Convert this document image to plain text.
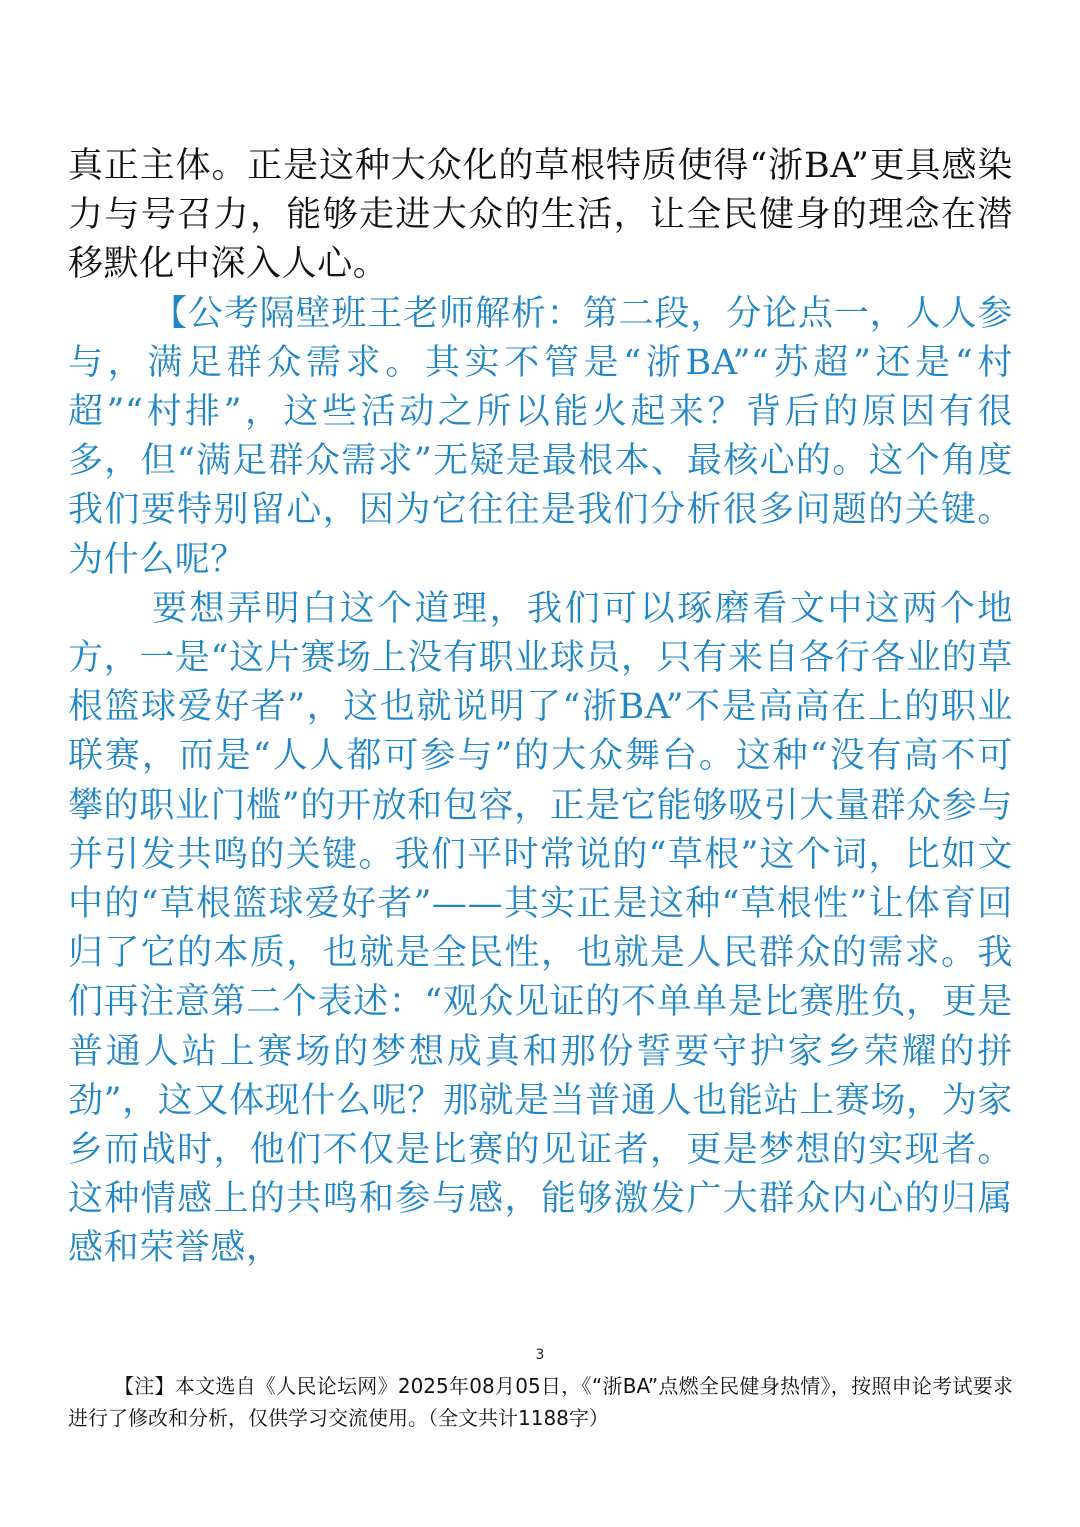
真正主体。正是这种大众化的草根特质使得“浙BA”更具感染力与号召力，能够走进大众的生活，让全民健身的理念在潜移默化中深入人心。

【公考隔壁班王老师解析：第二段，分论点一，人人参与，满足群众需求。其实不管是“浙BA”“苏超”还是“村超”“村排”，这些活动之所以能火起来？背后的原因有很多，但“满足群众需求”无疑是最根本、最核心的。这个角度我们要特别留心，因为它往往是我们分析很多问题的关键。为什么呢？

要想弄明白这个道理，我们可以琢磨看文中这两个地方，一是“这片赛场上没有职业球员，只有来自各行各业的草根篮球爱好者”，这也就说明了“浙BA”不是高高在上的职业联赛，而是“人人都可参与”的大众舞台。这种“没有高不可攀的职业门槛”的开放和包容，正是它能够吸引大量群众参与并引发共鸣的关键。我们平时常说的“草根”这个词，比如文中的“草根篮球爱好者”——其实正是这种“草根性”让体育回归了它的本质，也就是全民性，也就是人民群众的需求。我们再注意第二个表述：“观众见证的不单单是比赛胜负，更是普通人站上赛场的梦想成真和那份誓要守护家乡荣耀的拼劲”，这又体现什么呢？那就是当普通人也能站上赛场，为家乡而战时，他们不仅是比赛的见证者，更是梦想的实现者。这种情感上的共鸣和参与感，能够激发广大群众内心的归属感和荣誉感，

3
【注】本文选自《人民论坛网》2025年08月05日，《“浙BA”点燃全民健身热情》，按照申论考试要求进行了修改和分析，仅供学习交流使用。（全文共计1188字）
